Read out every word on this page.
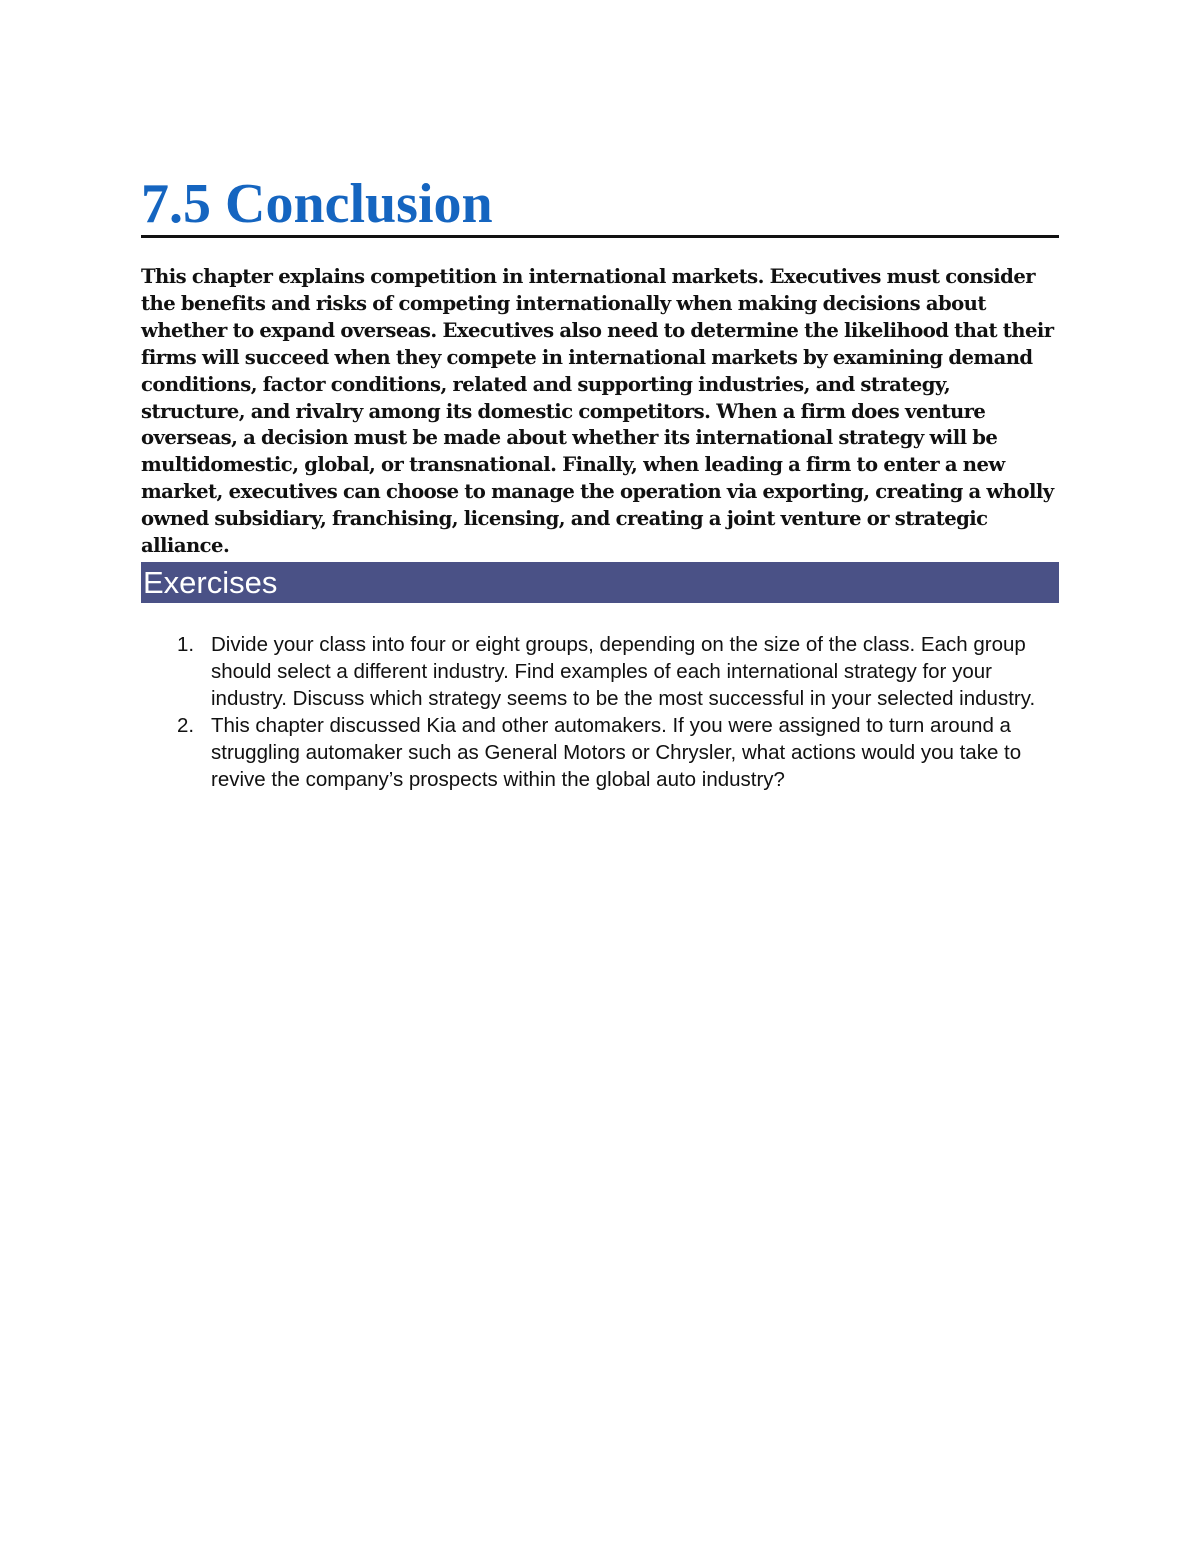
7.5 Conclusion

This chapter explains competition in international markets. Executives must consider the benefits and risks of competing internationally when making decisions about whether to expand overseas. Executives also need to determine the likelihood that their firms will succeed when they compete in international markets by examining demand conditions, factor conditions, related and supporting industries, and strategy, structure, and rivalry among its domestic competitors. When a firm does venture overseas, a decision must be made about whether its international strategy will be multidomestic, global, or transnational. Finally, when leading a firm to enter a new market, executives can choose to manage the operation via exporting, creating a wholly owned subsidiary, franchising, licensing, and creating a joint venture or strategic alliance.

Exercises
1. Divide your class into four or eight groups, depending on the size of the class. Each group should select a different industry. Find examples of each international strategy for your industry. Discuss which strategy seems to be the most successful in your selected industry.
2. This chapter discussed Kia and other automakers. If you were assigned to turn around a struggling automaker such as General Motors or Chrysler, what actions would you take to revive the company’s prospects within the global auto industry?
